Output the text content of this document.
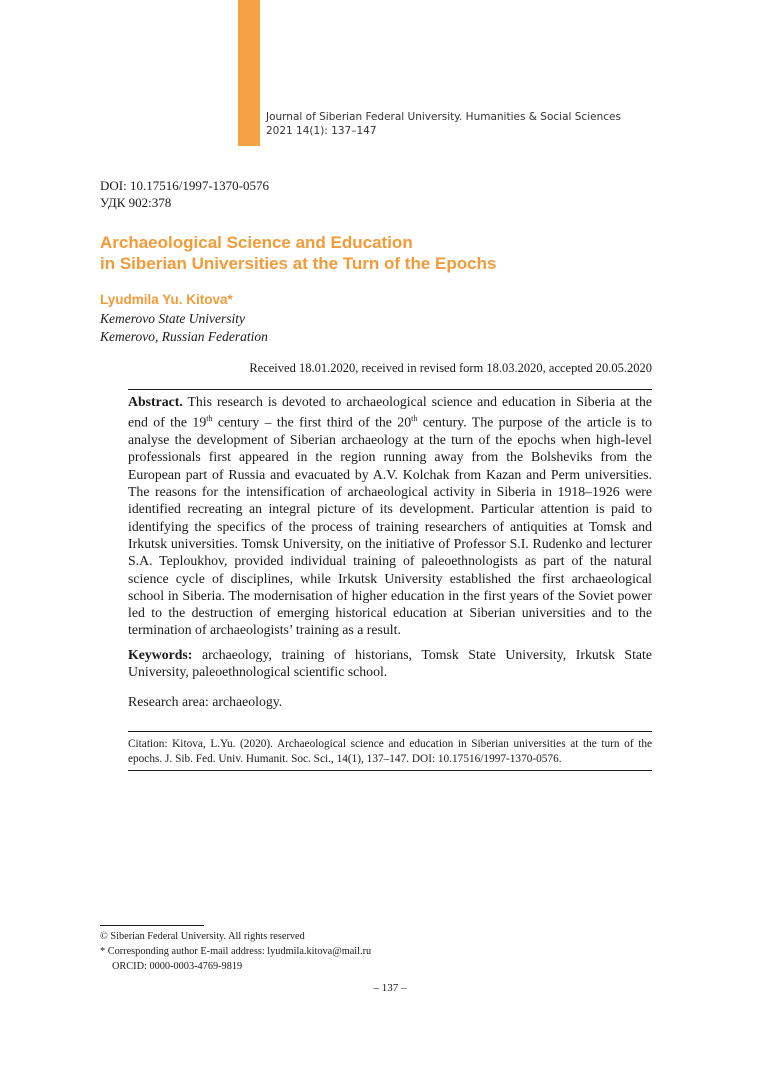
Journal of Siberian Federal University. Humanities & Social Sciences
2021 14(1): 137–147
DOI: 10.17516/1997-1370-0576
УДК 902:378
Archaeological Science and Education
in Siberian Universities at the Turn of the Epochs
Lyudmila Yu. Kitova*
Kemerovo State University
Kemerovo, Russian Federation
Received 18.01.2020, received in revised form 18.03.2020, accepted 20.05.2020

Abstract. This research is devoted to archaeological science and education in Siberia at the end of the 19th century – the first third of the 20th century. The purpose of the article is to analyse the development of Siberian archaeology at the turn of the epochs when high-level professionals first appeared in the region running away from the Bolsheviks from the European part of Russia and evacuated by A.V. Kolchak from Kazan and Perm universities. The reasons for the intensification of archaeological activity in Siberia in 1918–1926 were identified recreating an integral picture of its development. Particular attention is paid to identifying the specifics of the process of training researchers of antiquities at Tomsk and Irkutsk universities. Tomsk University, on the initiative of Professor S.I. Rudenko and lecturer S.A. Teploukhov, provided individual training of paleoethnologists as part of the natural science cycle of disciplines, while Irkutsk University established the first archaeological school in Siberia. The modernisation of higher education in the first years of the Soviet power led to the destruction of emerging historical education at Siberian universities and to the termination of archaeologists’ training as a result.

Keywords: archaeology, training of historians, Tomsk State University, Irkutsk State University, paleoethnological scientific school.

Research area: archaeology.

Citation: Kitova, L.Yu. (2020). Archaeological science and education in Siberian universities at the turn of the epochs. J. Sib. Fed. Univ. Humanit. Soc. Sci., 14(1), 137–147. DOI: 10.17516/1997-1370-0576.

© Siberian Federal University. All rights reserved
* Corresponding author E-mail address: lyudmila.kitova@mail.ru
ORCID: 0000-0003-4769-9819
– 137 –
